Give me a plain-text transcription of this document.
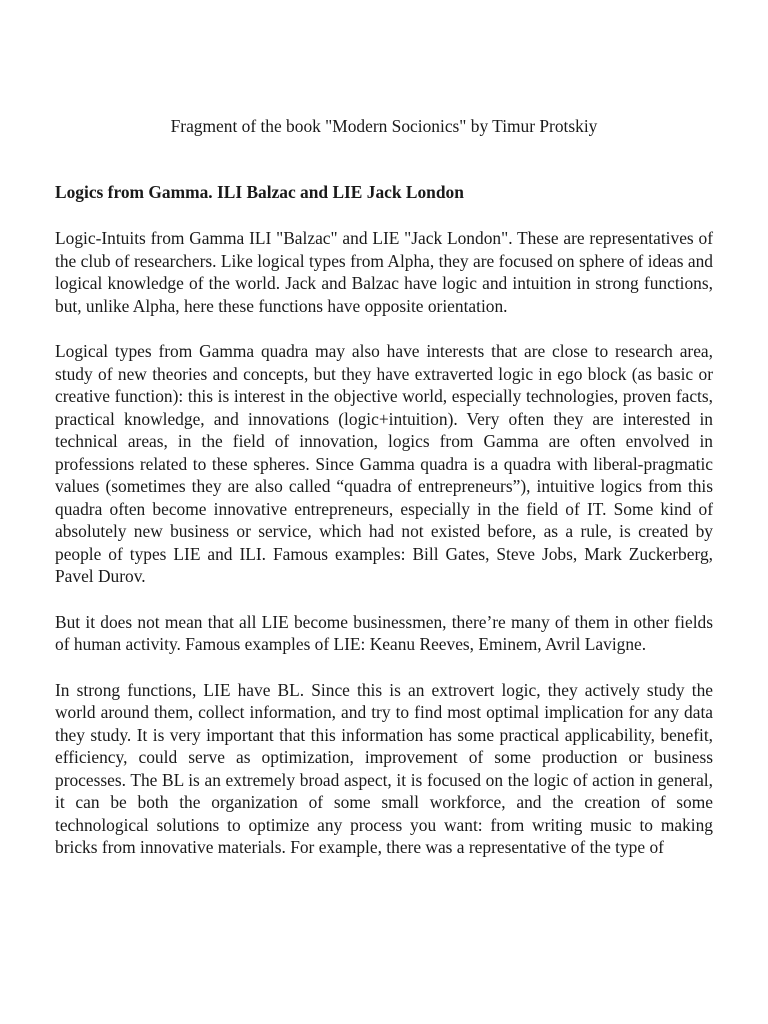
Fragment of the book "Modern Socionics" by Timur Protskiy
Logics from Gamma. ILI Balzac and LIE Jack London

Logic-Intuits from Gamma ILI "Balzac" and LIE "Jack London". These are representatives of the club of researchers. Like logical types from Alpha, they are focused on sphere of ideas and logical knowledge of the world. Jack and Balzac have logic and intuition in strong functions, but, unlike Alpha, here these functions have opposite orientation.

Logical types from Gamma quadra may also have interests that are close to research area, study of new theories and concepts, but they have extraverted logic in ego block (as basic or creative function): this is interest in the objective world, especially technologies, proven facts, practical knowledge, and innovations (logic+intuition). Very often they are interested in technical areas, in the field of innovation, logics from Gamma are often envolved in professions related to these spheres. Since Gamma quadra is a quadra with liberal-pragmatic values (sometimes they are also called “quadra of entrepreneurs”), intuitive logics from this quadra often become innovative entrepreneurs, especially in the field of IT. Some kind of absolutely new business or service, which had not existed before, as a rule, is created by people of types LIE and ILI. Famous examples: Bill Gates, Steve Jobs, Mark Zuckerberg, Pavel Durov.

But it does not mean that all LIE become businessmen, there’re many of them in other fields of human activity. Famous examples of LIE: Keanu Reeves, Eminem, Avril Lavigne.

In strong functions, LIE have BL. Since this is an extrovert logic, they actively study the world around them, collect information, and try to find most optimal implication for any data they study. It is very important that this information has some practical applicability, benefit, efficiency, could serve as optimization, improvement of some production or business processes. The BL is an extremely broad aspect, it is focused on the logic of action in general, it can be both the organization of some small workforce, and the creation of some technological solutions to optimize any process you want: from writing music to making bricks from innovative materials. For example, there was a representative of the type of
